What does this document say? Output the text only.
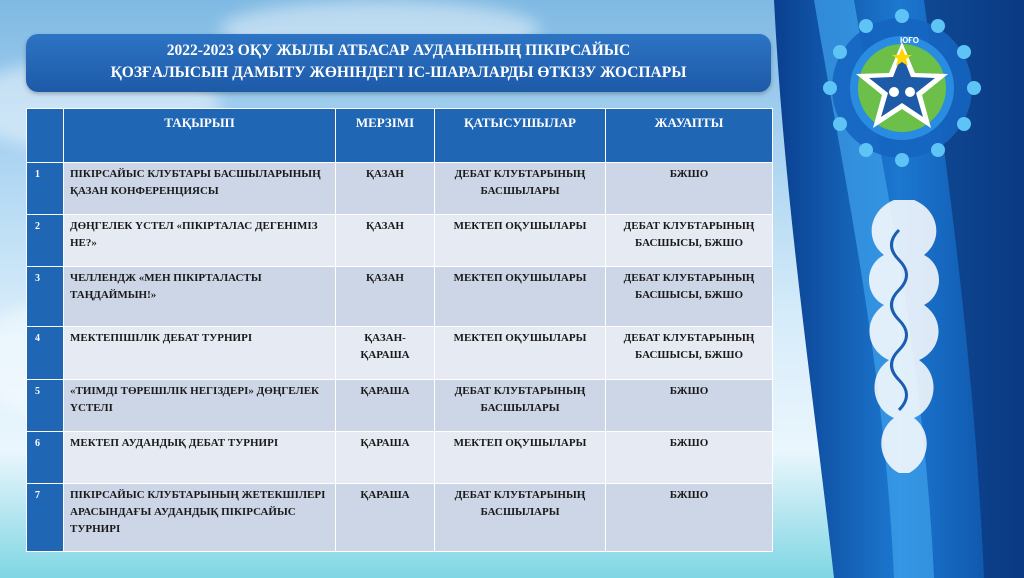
ЮҒО
2022-2023 ОҚУ ЖЫЛЫ АТБАСАР АУДАНЫНЫҢ ПІКІРСАЙЫС
ҚОЗҒАЛЫСЫН ДАМЫТУ ЖӨНІНДЕГІ ІС-ШАРАЛАРДЫ ӨТКІЗУ ЖОСПАРЫ
	ТАҚЫРЫП	МЕРЗІМІ	ҚАТЫСУШЫЛАР	ЖАУАПТЫ
1	ПІКІРСАЙЫС КЛУБТАРЫ БАСШЫЛАРЫНЫҢ ҚАЗАН КОНФЕРЕНЦИЯСЫ	ҚАЗАН	ДЕБАТ КЛУБТАРЫНЫҢ БАСШЫЛАРЫ	БЖШО
2	ДӨҢГЕЛЕК ҮСТЕЛ «ПІКІРТАЛАС ДЕГЕНІМІЗ НЕ?»	ҚАЗАН	МЕКТЕП ОҚУШЫЛАРЫ	ДЕБАТ КЛУБТАРЫНЫҢ БАСШЫСЫ, БЖШО
3	ЧЕЛЛЕНДЖ «МЕН ПІКІРТАЛАСТЫ ТАҢДАЙМЫН!»	ҚАЗАН	МЕКТЕП ОҚУШЫЛАРЫ	ДЕБАТ КЛУБТАРЫНЫҢ БАСШЫСЫ, БЖШО
4	МЕКТЕПІШІЛІК ДЕБАТ ТУРНИРІ	ҚАЗАН-ҚАРАША	МЕКТЕП ОҚУШЫЛАРЫ	ДЕБАТ КЛУБТАРЫНЫҢ БАСШЫСЫ, БЖШО
5	«ТИІМДІ ТӨРЕШІЛІК НЕГІЗДЕРІ» ДӨҢГЕЛЕК ҮСТЕЛІ	ҚАРАША	ДЕБАТ КЛУБТАРЫНЫҢ БАСШЫЛАРЫ	БЖШО
6	МЕКТЕП АУДАНДЫҚ ДЕБАТ ТУРНИРІ	ҚАРАША	МЕКТЕП ОҚУШЫЛАРЫ	БЖШО
7	ПІКІРСАЙЫС КЛУБТАРЫНЫҢ ЖЕТЕКШІЛЕРІ АРАСЫНДАҒЫ АУДАНДЫҚ ПІКІРСАЙЫС ТУРНИРІ	ҚАРАША	ДЕБАТ КЛУБТАРЫНЫҢ БАСШЫЛАРЫ	БЖШО
